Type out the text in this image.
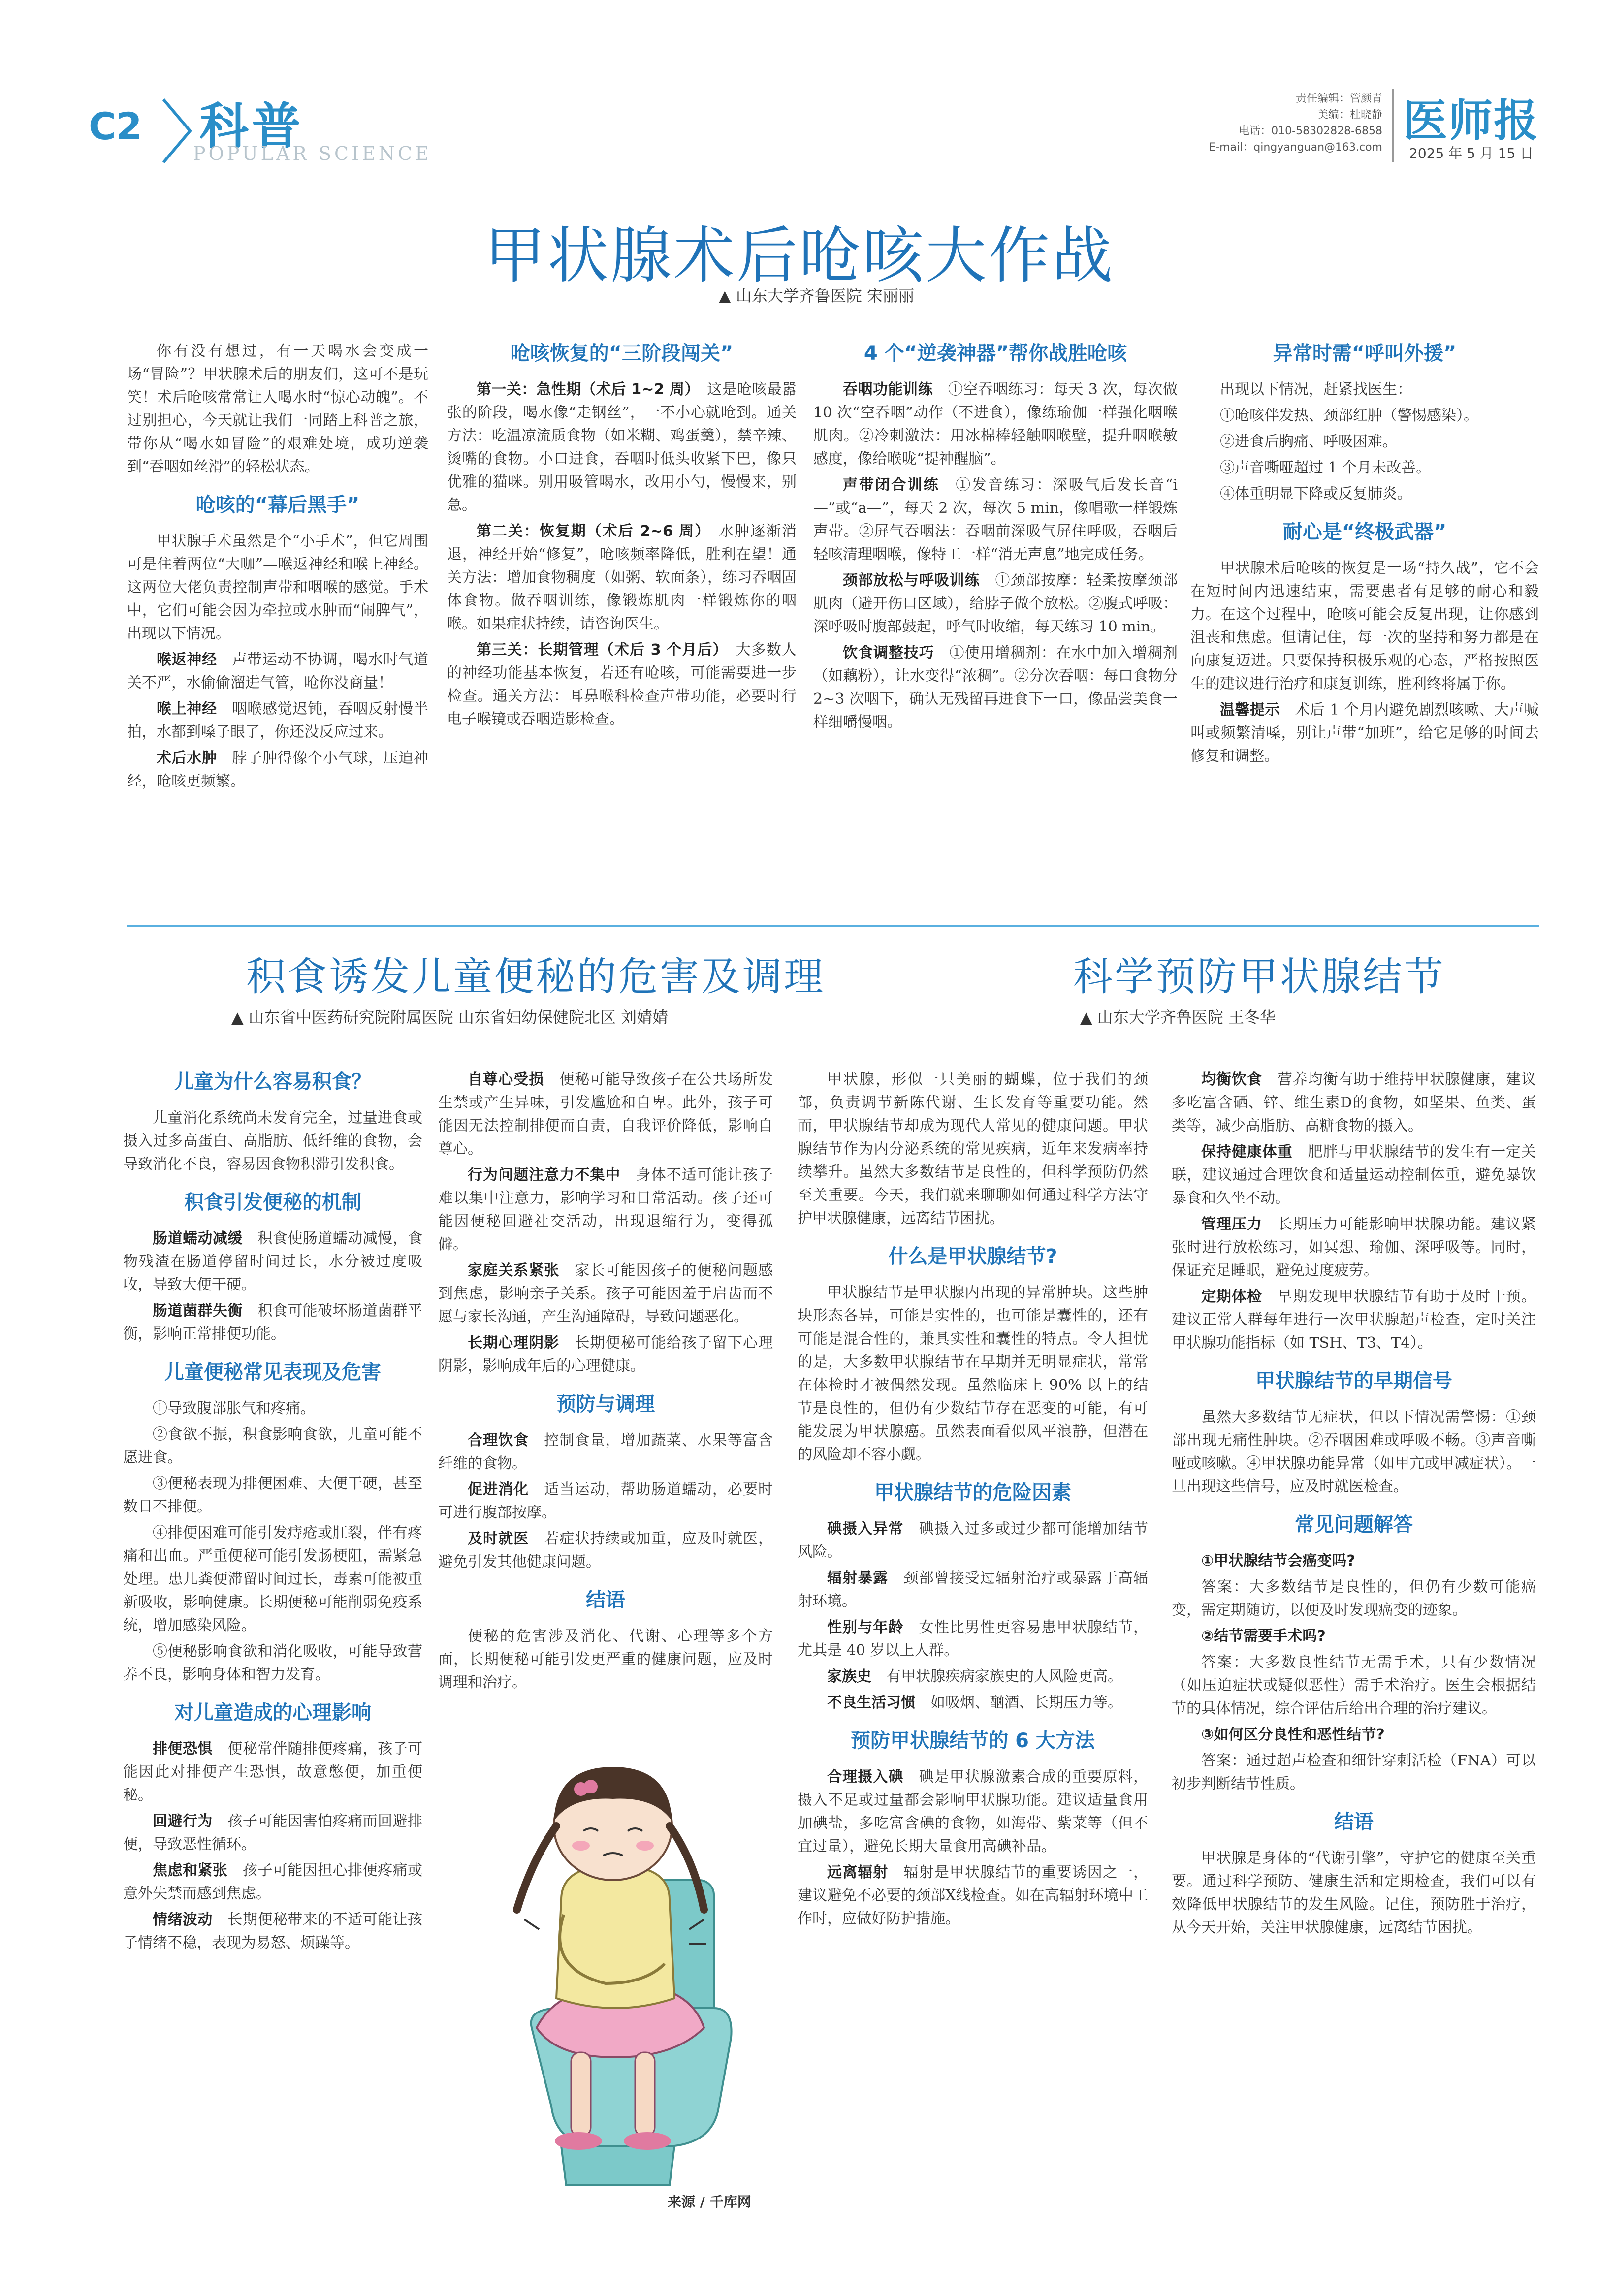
C2 科普
POPULAR SCIENCE
责任编辑：管颜青
美编：杜晓静
电话：010-58302828-6858
E-mail：qingyanguan@163.com
医师报
2025 年 5 月 15 日
甲状腺术后呛咳大作战
▲ 山东大学齐鲁医院 宋丽丽

你有没有想过，有一天喝水会变成一场“冒险”？甲状腺术后的朋友们，这可不是玩笑！术后呛咳常常让人喝水时“惊心动魄”。不过别担心，今天就让我们一同踏上科普之旅，带你从“喝水如冒险”的艰难处境，成功逆袭到“吞咽如丝滑”的轻松状态。

呛咳的“幕后黑手”

甲状腺手术虽然是个“小手术”，但它周围可是住着两位“大咖”—喉返神经和喉上神经。这两位大佬负责控制声带和咽喉的感觉。手术中，它们可能会因为牵拉或水肿而“闹脾气”，出现以下情况。

喉返神经　 声带运动不协调，喝水时气道关不严，水偷偷溜进气管，呛你没商量！

喉上神经　 咽喉感觉迟钝，吞咽反射慢半拍，水都到嗓子眼了，你还没反应过来。

术后水肿　 脖子肿得像个小气球，压迫神经，呛咳更频繁。

呛咳恢复的“三阶段闯关”

第一关：急性期（术后 1~2 周）　 这是呛咳最嚣张的阶段，喝水像“走钢丝”，一不小心就呛到。通关方法：吃温凉流质食物（如米糊、鸡蛋羹），禁辛辣、烫嘴的食物。小口进食，吞咽时低头收紧下巴，像只优雅的猫咪。别用吸管喝水，改用小勺，慢慢来，别急。

第二关：恢复期（术后 2~6 周）　 水肿逐渐消退，神经开始“修复”，呛咳频率降低，胜利在望！通关方法：增加食物稠度（如粥、软面条），练习吞咽固体食物。做吞咽训练，像锻炼肌肉一样锻炼你的咽喉。如果症状持续，请咨询医生。

第三关：长期管理（术后 3 个月后）　 大多数人的神经功能基本恢复，若还有呛咳，可能需要进一步检查。通关方法：耳鼻喉科检查声带功能，必要时行电子喉镜或吞咽造影检查。

4 个“逆袭神器”帮你战胜呛咳

吞咽功能训练　 ①空吞咽练习：每天 3 次，每次做 10 次“空吞咽”动作（不进食），像练瑜伽一样强化咽喉肌肉。②冷刺激法：用冰棉棒轻触咽喉壁，提升咽喉敏感度，像给喉咙“提神醒脑”。

声带闭合训练　 ①发音练习：深吸气后发长音“i—”或“a—”，每天 2 次，每次 5 min，像唱歌一样锻炼声带。②屏气吞咽法：吞咽前深吸气屏住呼吸，吞咽后轻咳清理咽喉，像特工一样“消无声息”地完成任务。

颈部放松与呼吸训练　 ①颈部按摩：轻柔按摩颈部肌肉（避开伤口区域），给脖子做个放松。②腹式呼吸：深呼吸时腹部鼓起，呼气时收缩，每天练习 10 min。

饮食调整技巧　 ①使用增稠剂：在水中加入增稠剂（如藕粉），让水变得“浓稠”。②分次吞咽：每口食物分 2~3 次咽下，确认无残留再进食下一口，像品尝美食一样细嚼慢咽。

异常时需“呼叫外援”

出现以下情况，赶紧找医生：

①呛咳伴发热、颈部红肿（警惕感染）。

②进食后胸痛、呼吸困难。

③声音嘶哑超过 1 个月未改善。

④体重明显下降或反复肺炎。

耐心是“终极武器”

甲状腺术后呛咳的恢复是一场“持久战”，它不会在短时间内迅速结束，需要患者有足够的耐心和毅力。在这个过程中，呛咳可能会反复出现，让你感到沮丧和焦虑。但请记住，每一次的坚持和努力都是在向康复迈进。只要保持积极乐观的心态，严格按照医生的建议进行治疗和康复训练，胜利终将属于你。

温馨提示　 术后 1 个月内避免剧烈咳嗽、大声喊叫或频繁清嗓，别让声带“加班”，给它足够的时间去修复和调整。

积食诱发儿童便秘的危害及调理
▲ 山东省中医药研究院附属医院 山东省妇幼保健院北区 刘婧婧
儿童为什么容易积食？

儿童消化系统尚未发育完全，过量进食或摄入过多高蛋白、高脂肪、低纤维的食物，会导致消化不良，容易因食物积滞引发积食。

积食引发便秘的机制

肠道蠕动减缓　 积食使肠道蠕动减慢，食物残渣在肠道停留时间过长，水分被过度吸收，导致大便干硬。

肠道菌群失衡　 积食可能破坏肠道菌群平衡，影响正常排便功能。

儿童便秘常见表现及危害

①导致腹部胀气和疼痛。

②食欲不振，积食影响食欲，儿童可能不愿进食。

③便秘表现为排便困难、大便干硬，甚至数日不排便。

④排便困难可能引发痔疮或肛裂，伴有疼痛和出血。严重便秘可能引发肠梗阻，需紧急处理。患儿粪便滞留时间过长，毒素可能被重新吸收，影响健康。长期便秘可能削弱免疫系统，增加感染风险。

⑤便秘影响食欲和消化吸收，可能导致营养不良，影响身体和智力发育。

对儿童造成的心理影响

排便恐惧　 便秘常伴随排便疼痛，孩子可能因此对排便产生恐惧，故意憋便，加重便秘。

回避行为　 孩子可能因害怕疼痛而回避排便，导致恶性循环。

焦虑和紧张　 孩子可能因担心排便疼痛或意外失禁而感到焦虑。

情绪波动　 长期便秘带来的不适可能让孩子情绪不稳，表现为易怒、烦躁等。

自尊心受损　 便秘可能导致孩子在公共场所发生禁或产生异味，引发尴尬和自卑。此外，孩子可能因无法控制排便而自责，自我评价降低，影响自尊心。

行为问题注意力不集中　 身体不适可能让孩子难以集中注意力，影响学习和日常活动。孩子还可能因便秘回避社交活动，出现退缩行为，变得孤僻。

家庭关系紧张　 家长可能因孩子的便秘问题感到焦虑，影响亲子关系。孩子可能因羞于启齿而不愿与家长沟通，产生沟通障碍，导致问题恶化。

长期心理阴影　 长期便秘可能给孩子留下心理阴影，影响成年后的心理健康。

预防与调理

合理饮食　 控制食量，增加蔬菜、水果等富含纤维的食物。

促进消化　 适当运动，帮助肠道蠕动，必要时可进行腹部按摩。

及时就医　 若症状持续或加重，应及时就医，避免引发其他健康问题。

结语

便秘的危害涉及消化、代谢、心理等多个方面，长期便秘可能引发更严重的健康问题，应及时调理和治疗。

来源 / 千库网
科学预防甲状腺结节
▲ 山东大学齐鲁医院 王冬华

甲状腺，形似一只美丽的蝴蝶，位于我们的颈部，负责调节新陈代谢、生长发育等重要功能。然而，甲状腺结节却成为现代人常见的健康问题。甲状腺结节作为内分泌系统的常见疾病，近年来发病率持续攀升。虽然大多数结节是良性的，但科学预防仍然至关重要。今天，我们就来聊聊如何通过科学方法守护甲状腺健康，远离结节困扰。

什么是甲状腺结节?

甲状腺结节是甲状腺内出现的异常肿块。这些肿块形态各异，可能是实性的，也可能是囊性的，还有可能是混合性的，兼具实性和囊性的特点。令人担忧的是，大多数甲状腺结节在早期并无明显症状，常常在体检时才被偶然发现。虽然临床上 90% 以上的结节是良性的，但仍有少数结节存在恶变的可能，有可能发展为甲状腺癌。虽然表面看似风平浪静，但潜在的风险却不容小觑。

甲状腺结节的危险因素

碘摄入异常　 碘摄入过多或过少都可能增加结节风险。

辐射暴露　 颈部曾接受过辐射治疗或暴露于高辐射环境。

性别与年龄　 女性比男性更容易患甲状腺结节，尤其是 40 岁以上人群。

家族史　 有甲状腺疾病家族史的人风险更高。

不良生活习惯　 如吸烟、酗酒、长期压力等。

预防甲状腺结节的 6 大方法

合理摄入碘　 碘是甲状腺激素合成的重要原料，摄入不足或过量都会影响甲状腺功能。建议适量食用加碘盐，多吃富含碘的食物，如海带、紫菜等（但不宜过量），避免长期大量食用高碘补品。

远离辐射　 辐射是甲状腺结节的重要诱因之一，建议避免不必要的颈部X线检查。如在高辐射环境中工作时，应做好防护措施。

均衡饮食　 营养均衡有助于维持甲状腺健康，建议多吃富含硒、锌、维生素D的食物，如坚果、鱼类、蛋类等，减少高脂肪、高糖食物的摄入。

保持健康体重　 肥胖与甲状腺结节的发生有一定关联，建议通过合理饮食和适量运动控制体重，避免暴饮暴食和久坐不动。

管理压力　 长期压力可能影响甲状腺功能。建议紧张时进行放松练习，如冥想、瑜伽、深呼吸等。同时，保证充足睡眠，避免过度疲劳。

定期体检　 早期发现甲状腺结节有助于及时干预。建议正常人群每年进行一次甲状腺超声检查，定时关注甲状腺功能指标（如 TSH、T3、T4）。

甲状腺结节的早期信号

虽然大多数结节无症状，但以下情况需警惕：①颈部出现无痛性肿块。②吞咽困难或呼吸不畅。③声音嘶哑或咳嗽。④甲状腺功能异常（如甲亢或甲减症状）。一旦出现这些信号，应及时就医检查。

常见问题解答

①甲状腺结节会癌变吗?

答案：大多数结节是良性的，但仍有少数可能癌变，需定期随访，以便及时发现癌变的迹象。

②结节需要手术吗?

答案：大多数良性结节无需手术，只有少数情况（如压迫症状或疑似恶性）需手术治疗。医生会根据结节的具体情况，综合评估后给出合理的治疗建议。

③如何区分良性和恶性结节?

答案：通过超声检查和细针穿刺活检（FNA）可以初步判断结节性质。

结语

甲状腺是身体的“代谢引擎”，守护它的健康至关重要。通过科学预防、健康生活和定期检查，我们可以有效降低甲状腺结节的发生风险。记住，预防胜于治疗，从今天开始，关注甲状腺健康，远离结节困扰。
